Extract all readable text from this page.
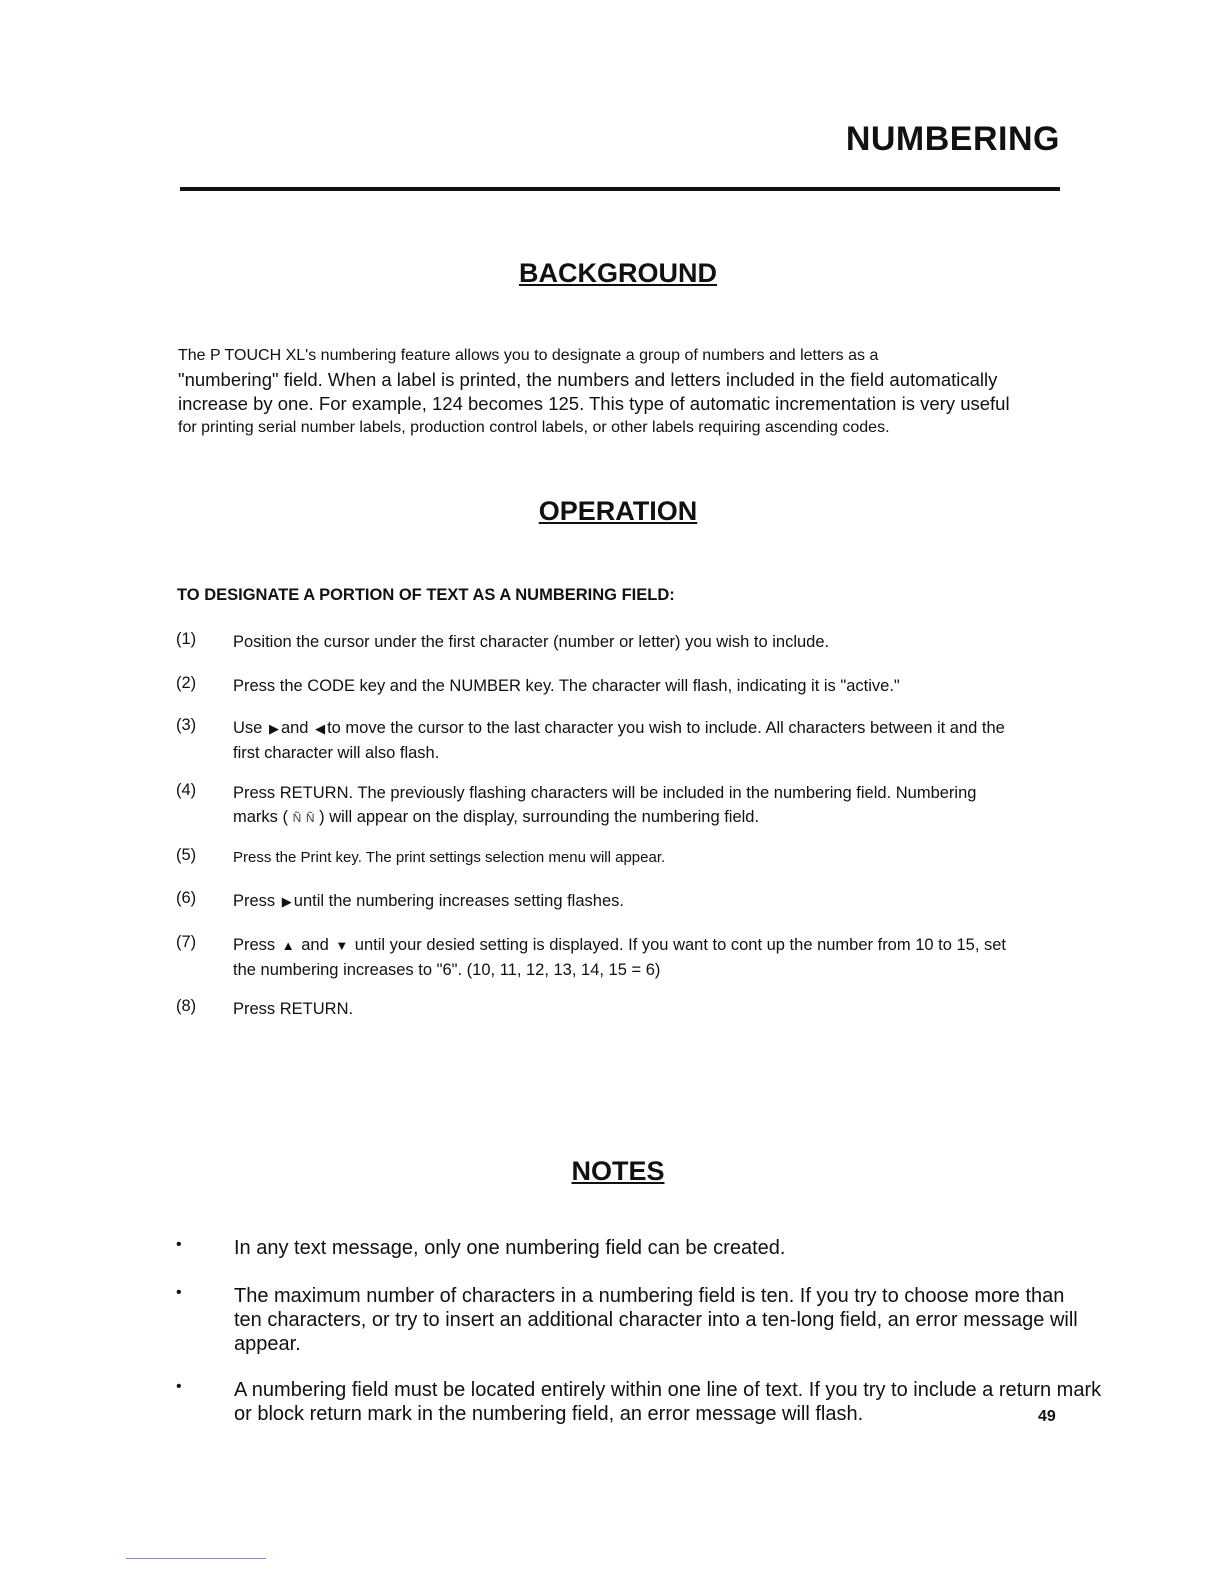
NUMBERING
BACKGROUND

The P TOUCH XL's numbering feature allows you to designate a group of numbers and letters as a
"numbering" field. When a label is printed, the numbers and letters included in the field automatically
increase by one. For example, 124 becomes 125. This type of automatic incrementation is very useful
for printing serial number labels, production control labels, or other labels requiring ascending codes.

OPERATION

TO DESIGNATE A PORTION OF TEXT AS A NUMBERING FIELD:

(1) Position the cursor under the first character (number or letter) you wish to include.
(2) Press the CODE key and the NUMBER key. The character will flash, indicating it is "active."
(3) Use ▶ and ◀ to move the cursor to the last character you wish to include. All characters between it and the
first character will also flash.
(4) Press RETURN. The previously flashing characters will be included in the numbering field. Numbering
marks ( Ñ Ñ ) will appear on the display, surrounding the numbering field.
(5) Press the Print key. The print settings selection menu will appear.
(6) Press ▶ until the numbering increases setting flashes.
(7) Press ▲ and ▼ until your desied setting is displayed. If you want to cont up the number from 10 to 15, set
the numbering increases to "6". (10, 11, 12, 13, 14, 15 = 6)
(8) Press RETURN.
NOTES
•	In any text message, only one numbering field can be created.
•	The maximum number of characters in a numbering field is ten. If you try to choose more than
ten characters, or try to insert an additional character into a ten-long field, an error message will
appear.
•	A numbering field must be located entirely within one line of text. If you try to include a return mark
or block return mark in the numbering field, an error message will flash.	49
